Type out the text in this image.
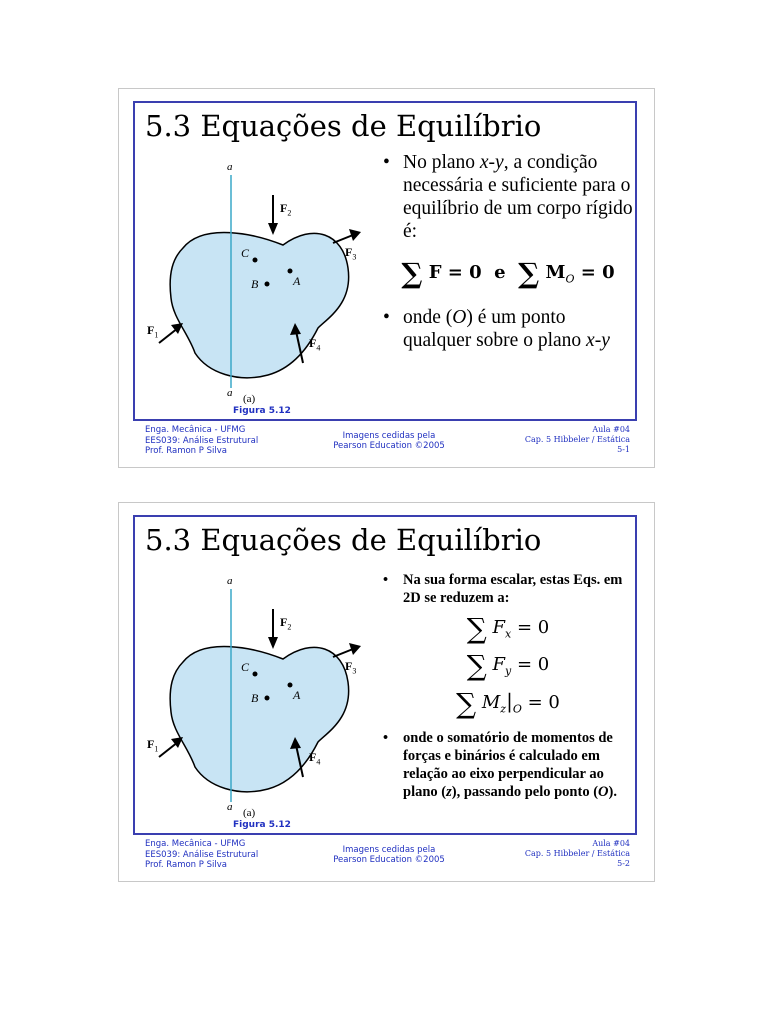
5.3 Equações de Equilíbrio
a
a
C
A
B
$F_2$
$F_3$
$F_1$
$F_4$
(a)
Figura 5.12
• No plano x-y, a condição necessária e suficiente para o equilíbrio de um corpo rígido é:
∑ F = 0 e ∑ $M_O = 0$
• onde (O) é um ponto qualquer sobre o plano x-y
Enga. Mecânica - UFMG
EES039: Análise Estrutural
Prof. Ramon P Silva
Imagens cedidas pela
Pearson Education ©2005
Aula #04
Cap. 5 Hibbeler / Estática
5-1
5.3 Equações de Equilíbrio
a
a
C
A
B
$F_2$
$F_3$
$F_1$
$F_4$
(a)
Figura 5.12
•	Na sua forma escalar, estas Eqs. em 2D se reduzem a:
∑ $F_x = 0$
∑ $F_y = 0$
∑ $M_z|_O = 0$
•	onde o somatório de momentos de forças e binários é calculado em relação ao eixo perpendicular ao plano (z), passando pelo ponto (O).
Enga. Mecânica - UFMG
EES039: Análise Estrutural
Prof. Ramon P Silva
Imagens cedidas pela
Pearson Education ©2005
Aula #04
Cap. 5 Hibbeler / Estática
5-2
